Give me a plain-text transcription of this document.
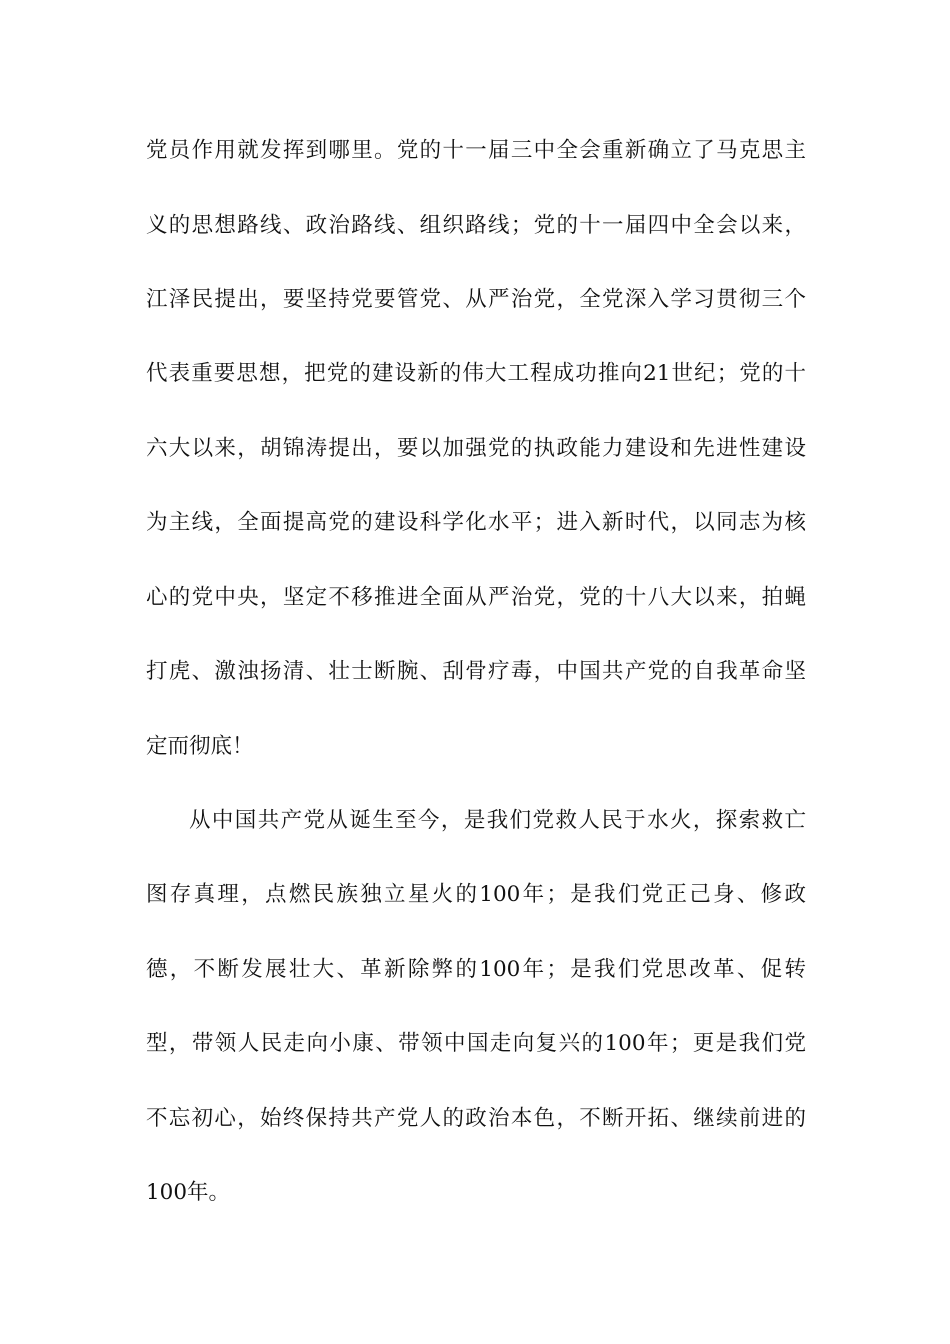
党员作用就发挥到哪里。党的十一届三中全会重新确立了马克思主
义的思想路线、政治路线、组织路线；党的十一届四中全会以来，
江泽民提出，要坚持党要管党、从严治党，全党深入学习贯彻三个
代表重要思想，把党的建设新的伟大工程成功推向21世纪；党的十
六大以来，胡锦涛提出，要以加强党的执政能力建设和先进性建设
为主线，全面提高党的建设科学化水平；进入新时代，以同志为核
心的党中央，坚定不移推进全面从严治党，党的十八大以来，拍蝇
打虎、激浊扬清、壮士断腕、刮骨疗毒，中国共产党的自我革命坚
定而彻底！
从中国共产党从诞生至今，是我们党救人民于水火，探索救亡
图存真理，点燃民族独立星火的100年；是我们党正己身、修政
德，不断发展壮大、革新除弊的100年；是我们党思改革、促转
型，带领人民走向小康、带领中国走向复兴的100年；更是我们党
不忘初心，始终保持共产党人的政治本色，不断开拓、继续前进的
100年。
